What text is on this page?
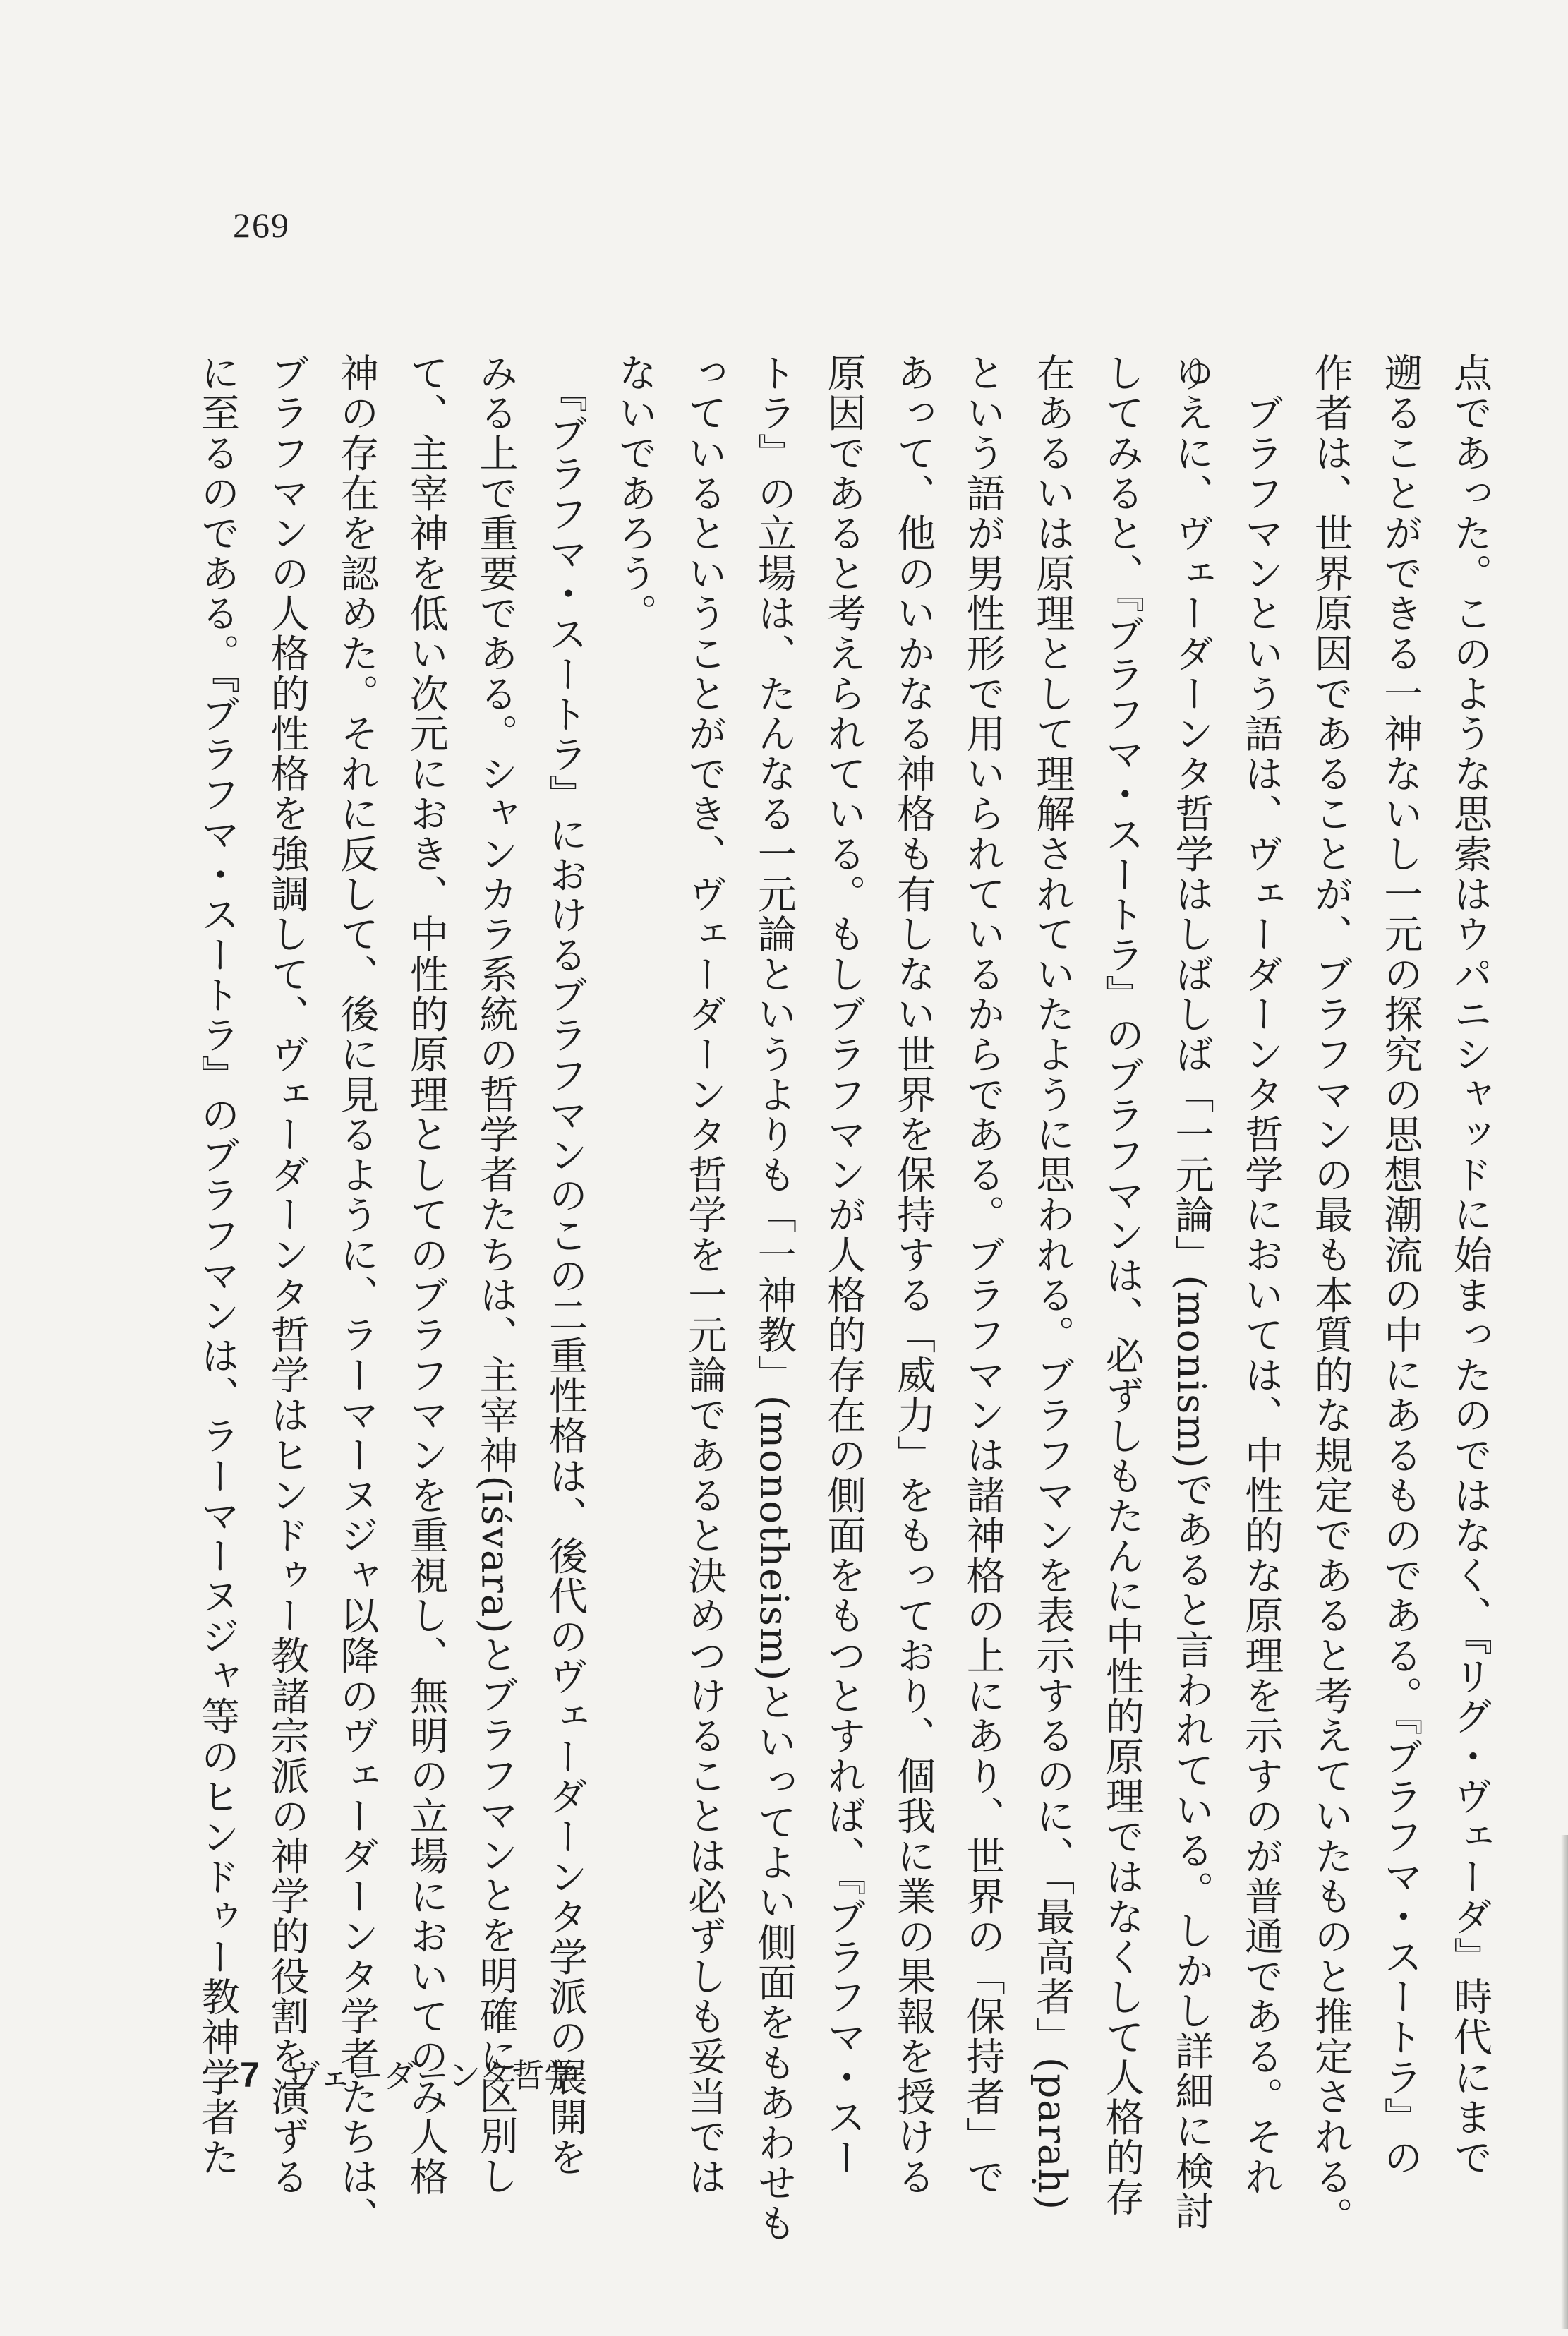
269
点であった。このような思索はウパニシャッドに始まったのではなく、『リグ・ヴェーダ』時代にまで
遡ることができる一神ないし一元の探究の思想潮流の中にあるものである。『ブラフマ・スートラ』の
作者は、世界原因であることが、ブラフマンの最も本質的な規定であると考えていたものと推定される。
　ブラフマンという語は、ヴェーダーンタ哲学においては、中性的な原理を示すのが普通である。それ
ゆえに、ヴェーダーンタ哲学はしばしば「一元論」(monism)であると言われている。しかし詳細に検討
してみると、『ブラフマ・スートラ』のブラフマンは、必ずしもたんに中性的原理ではなくして人格的存
在あるいは原理として理解されていたように思われる。ブラフマンを表示するのに、「最高者」(paraḥ)
という語が男性形で用いられているからである。ブラフマンは諸神格の上にあり、世界の「保持者」で
あって、他のいかなる神格も有しない世界を保持する「威力」をもっており、個我に業の果報を授ける
原因であると考えられている。もしブラフマンが人格的存在の側面をもつとすれば、『ブラフマ・スー
トラ』の立場は、たんなる一元論というよりも「一神教」(monotheism)といってよい側面をもあわせも
っているということができ、ヴェーダーンタ哲学を一元論であると決めつけることは必ずしも妥当では
ないであろう。
　『ブラフマ・スートラ』におけるブラフマンのこの二重性格は、後代のヴェーダーンタ学派の展開を
みる上で重要である。シャンカラ系統の哲学者たちは、主宰神(īśvara)とブラフマンとを明確に区別し
て、主宰神を低い次元におき、中性的原理としてのブラフマンを重視し、無明の立場においてのみ人格
神の存在を認めた。それに反して、後に見るように、ラーマーヌジャ以降のヴェーダーンタ学者たちは、
ブラフマンの人格的性格を強調して、ヴェーダーンタ哲学はヒンドゥー教諸宗派の神学的役割を演ずる
に至るのである。『ブラフマ・スートラ』のブラフマンは、ラーマーヌジャ等のヒンドゥー教神学者た 7 ヴェーダーンタ哲学
